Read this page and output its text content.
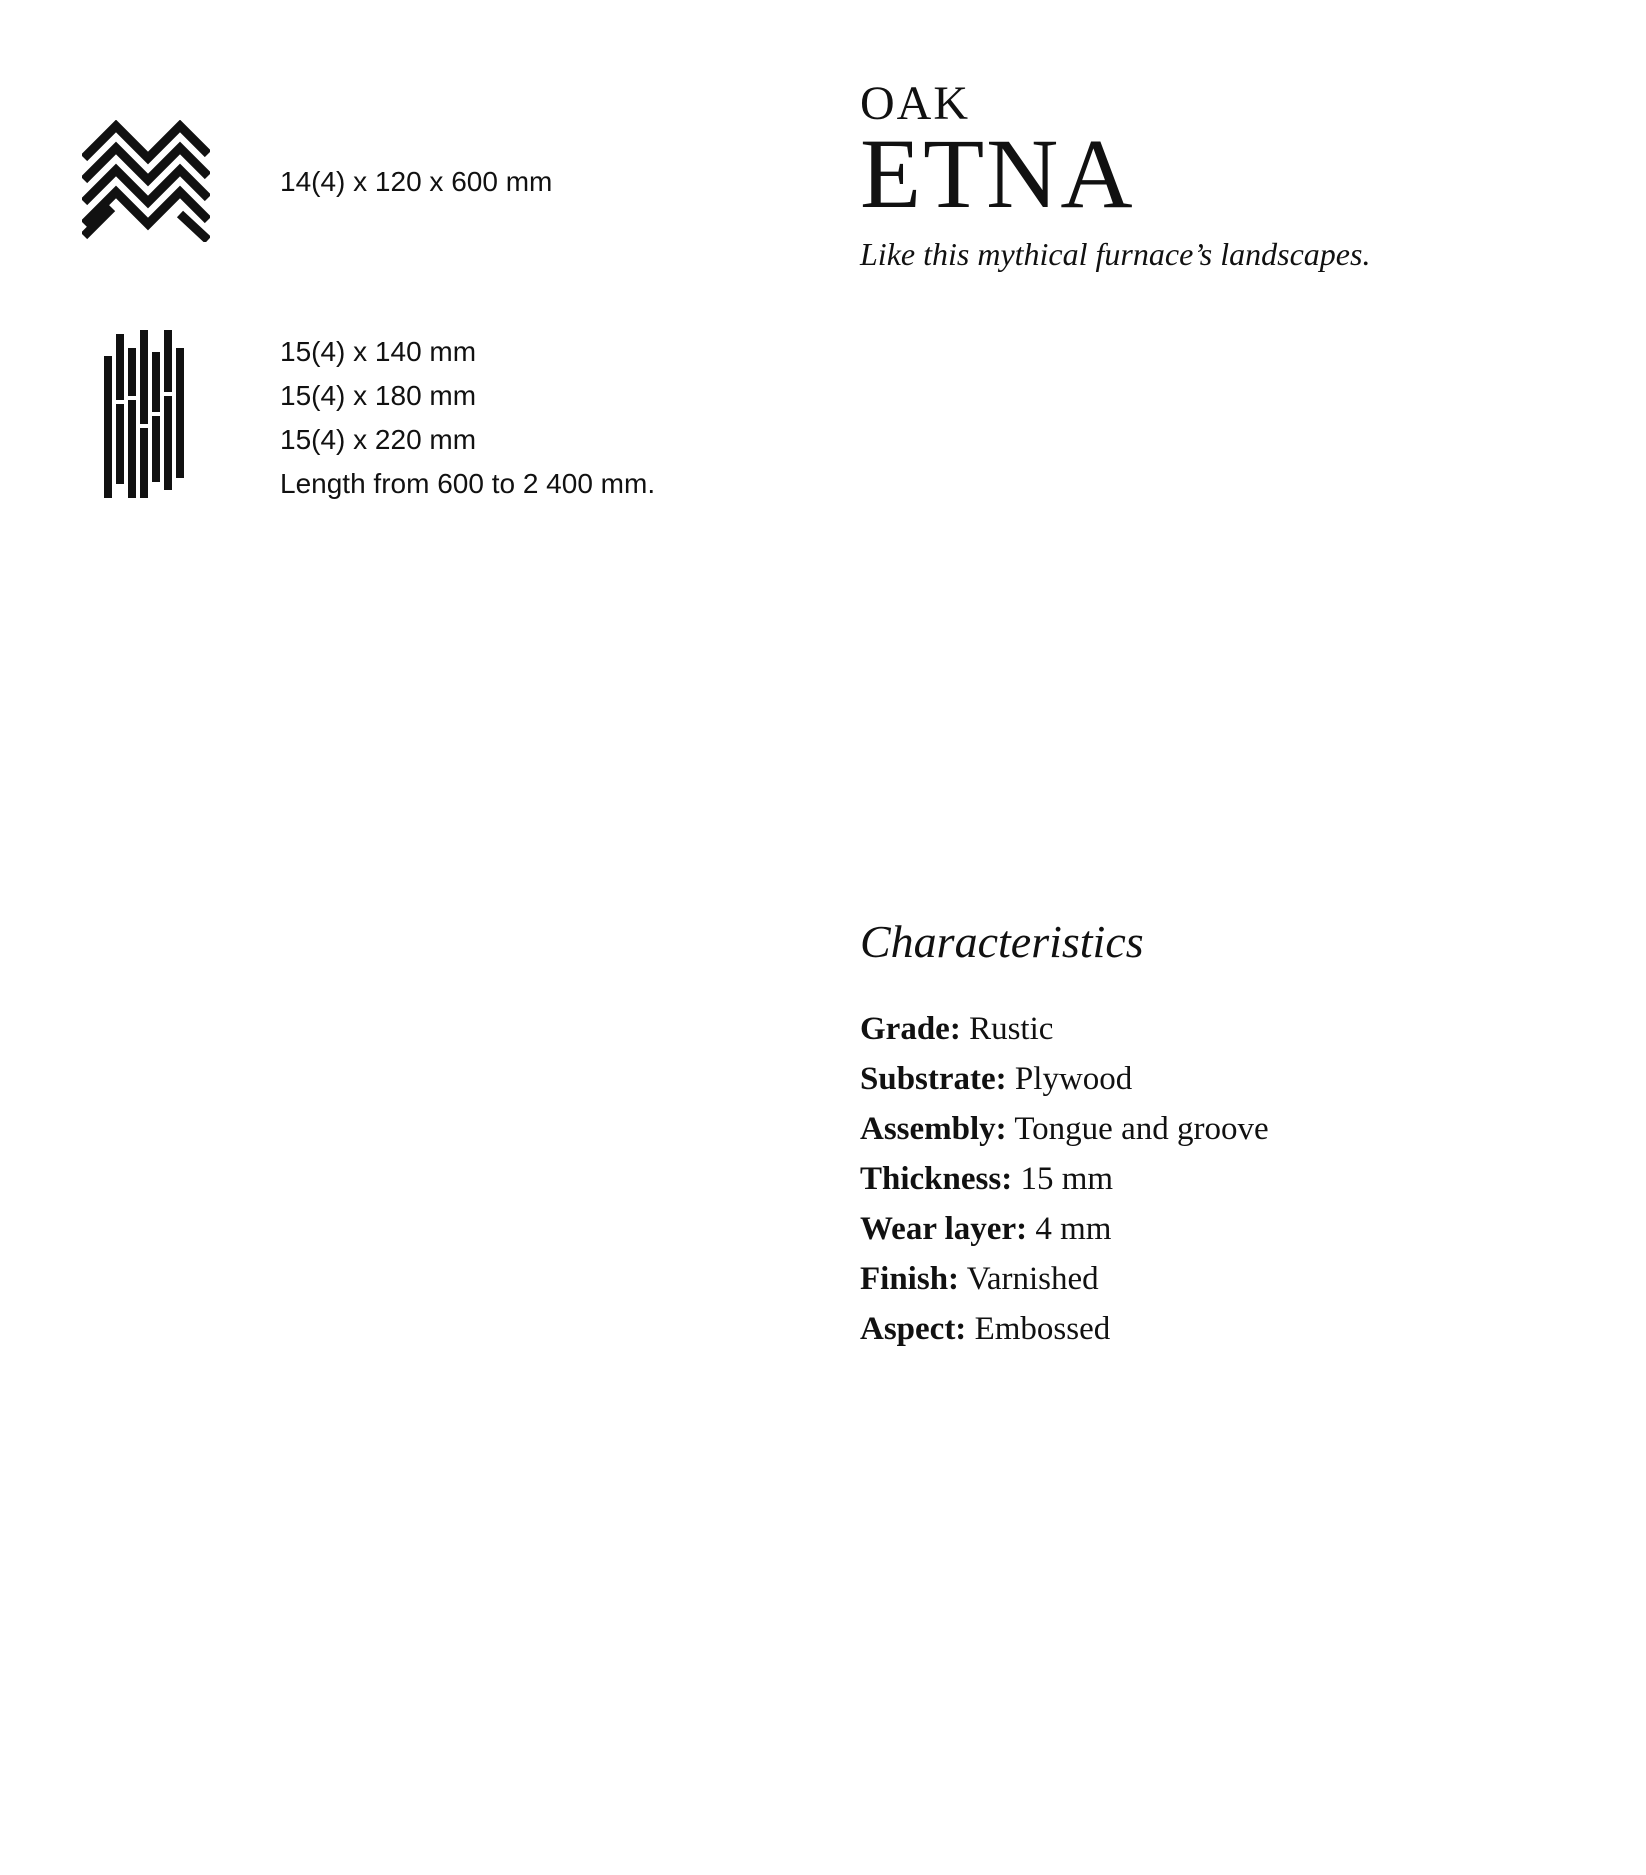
14(4) x 120 x 600 mm
15(4) x 140 mm
15(4) x 180 mm
15(4) x 220 mm
Length from 600 to 2 400 mm.
OAK
ETNA
Like this mythical furnace’s landscapes.
Characteristics
Grade: Rustic
Substrate: Plywood
Assembly: Tongue and groove
Thickness: 15 mm
Wear layer: 4 mm
Finish: Varnished
Aspect: Embossed
